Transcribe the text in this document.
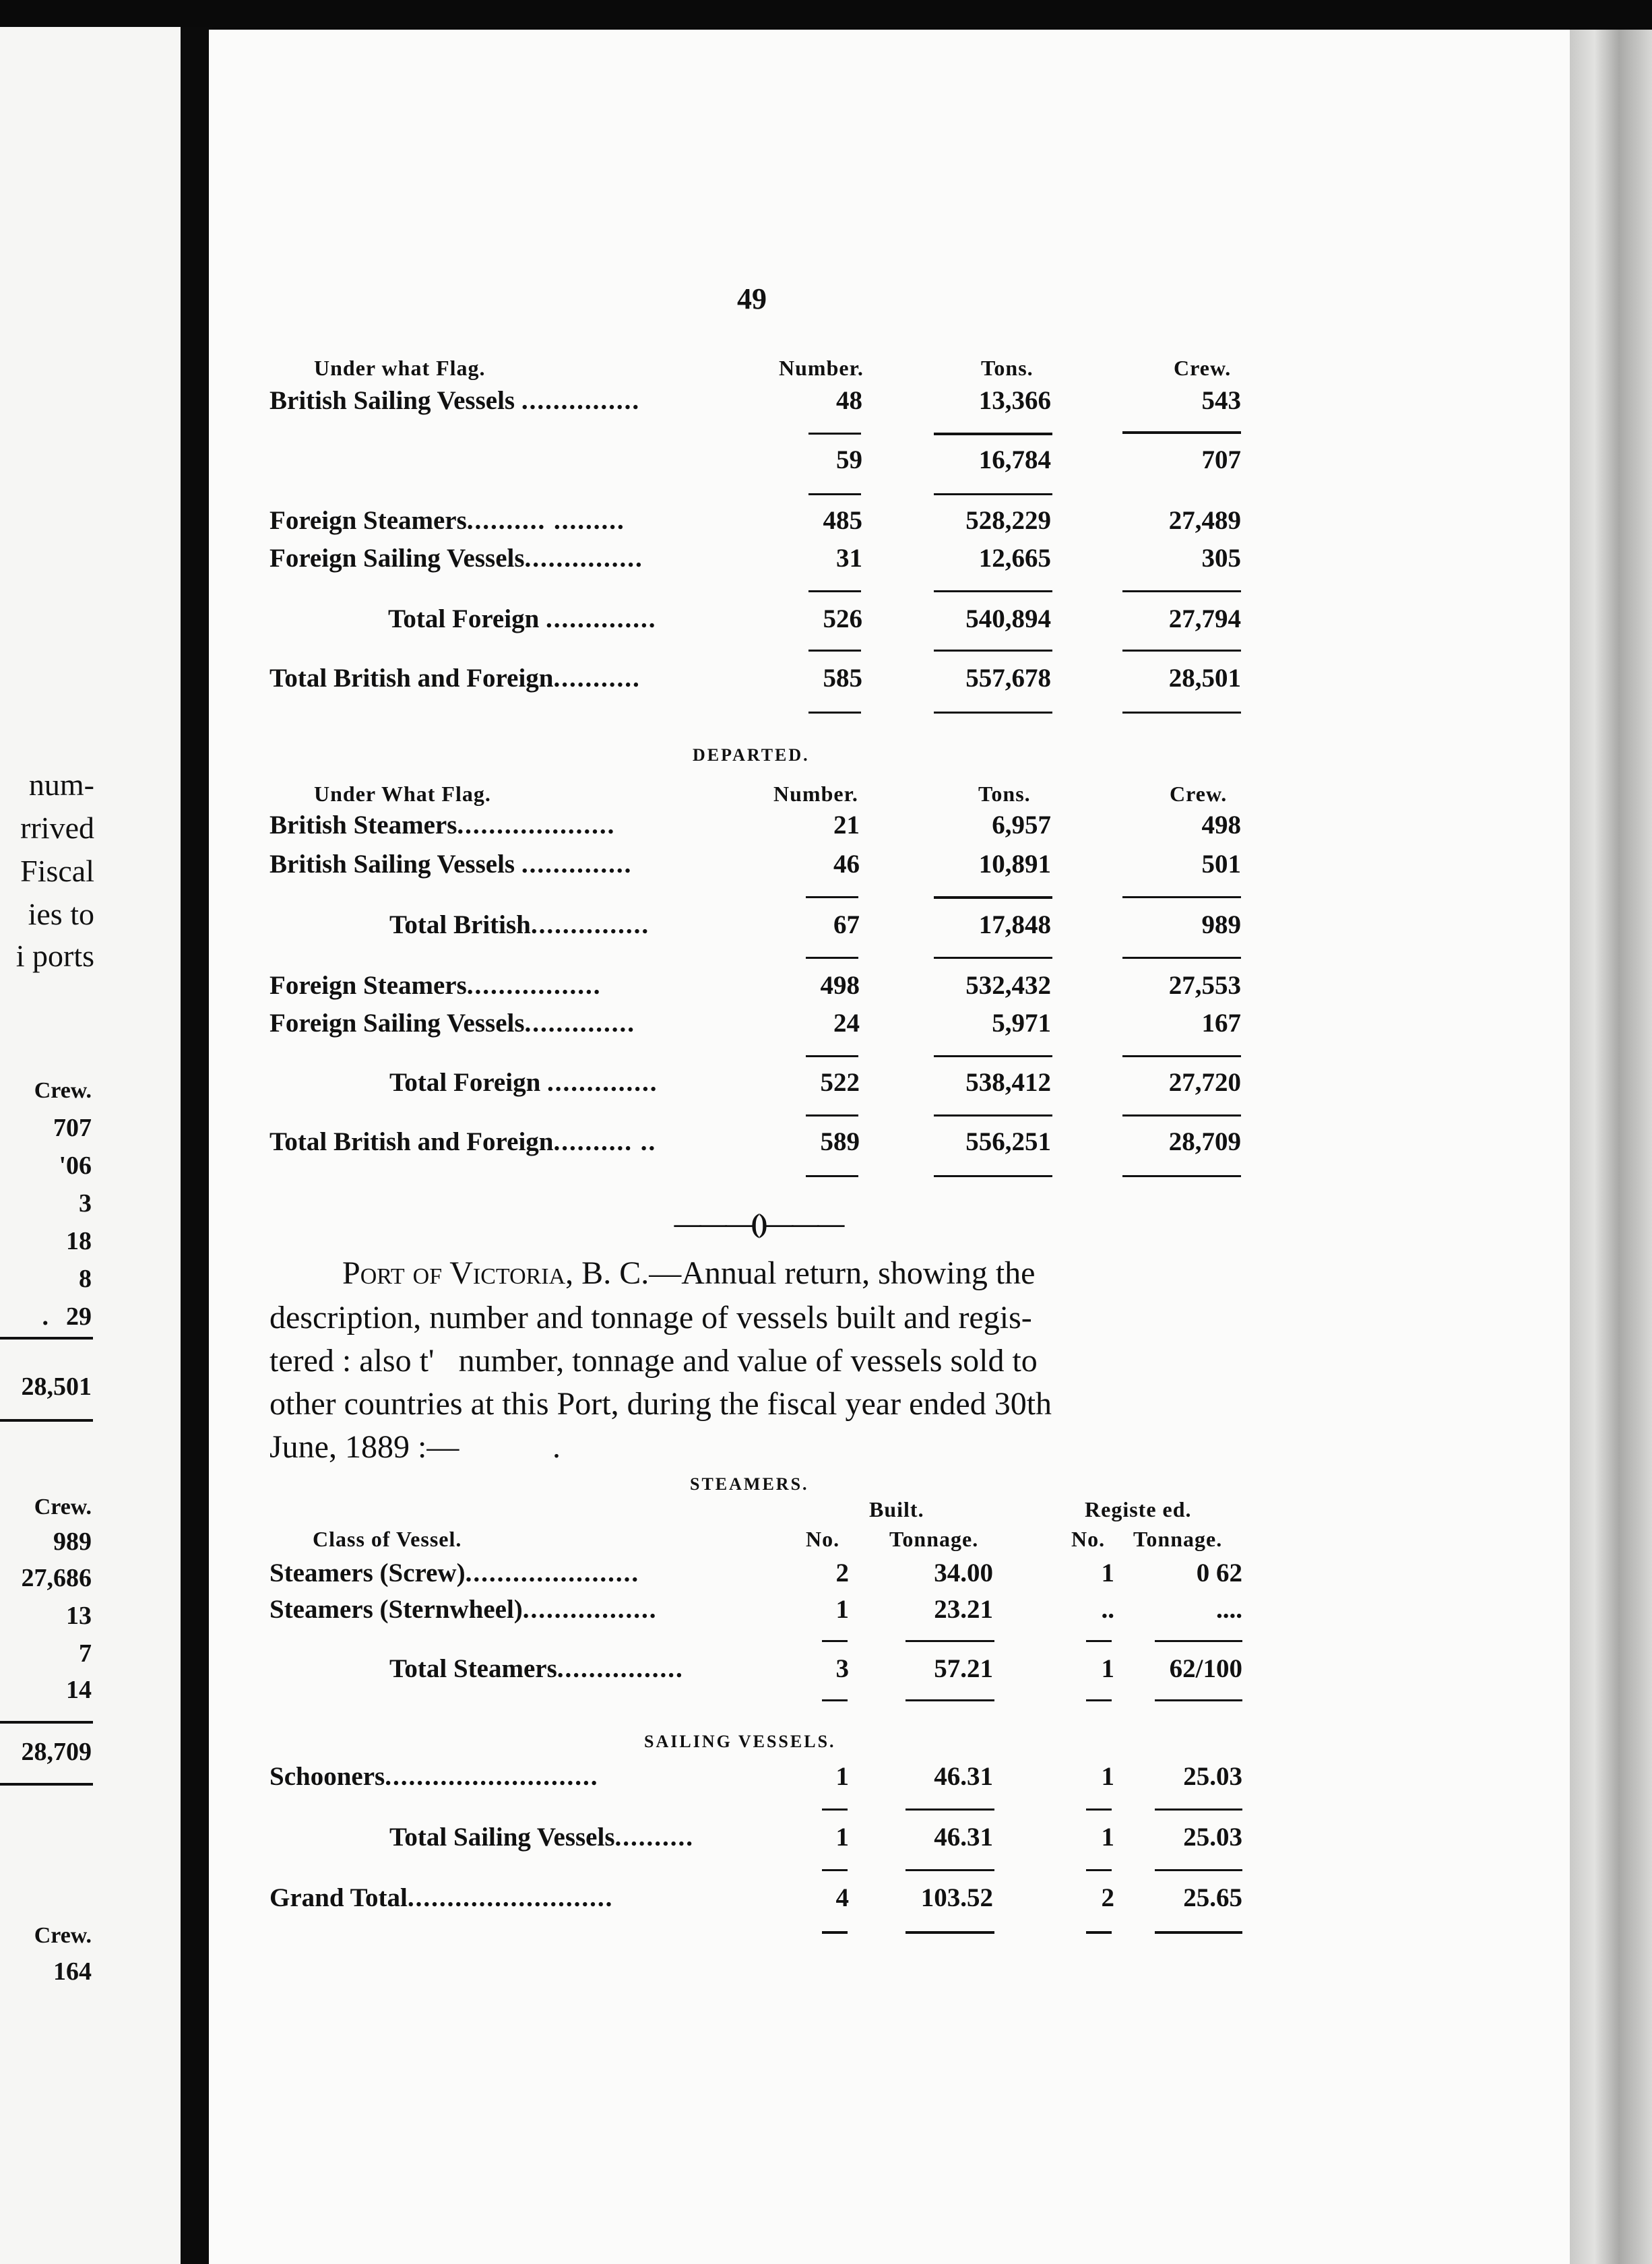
num-
rrived
Fiscal
ies to
i ports
Crew.
707
'06
3
18
8
29
.
28,501
Crew.
989
27,686
13
7
14
28,709
Crew.
164
49
Under what Flag.	Number.	Tons.	Crew.
British Sailing Vessels ...............	48	13,366	543
59	16,784	707
Foreign Steamers.......... .........	485	528,229	27,489
Foreign Sailing Vessels...............	31	12,665	305
Total Foreign ..............	526	540,894	27,794
Total British and Foreign...........	585	557,678	28,501
DEPARTED.
Under What Flag.	Number.	Tons.	Crew.
British Steamers....................	21	6,957	498
British Sailing Vessels ..............	46	10,891	501
Total British...............	67	17,848	989
Foreign Steamers.................	498	532,432	27,553
Foreign Sailing Vessels..............	24	5,971	167
Total Foreign ..............	522	538,412	27,720
Total British and Foreign.......... ..	589	556,251	28,709
———()———
Port of Victoria, B. C.—Annual return, showing the
description, number and tonnage of vessels built and regis-
tered : also t'   number, tonnage and value of vessels sold to
other countries at this Port, during the fiscal year ended 30th
June, 1889 :—	.
STEAMERS.
Built.	Registe ed.
Class of Vessel.	No. Tonnage.	No. Tonnage.
Steamers (Screw)......................	2	34.00	1	0 62
Steamers (Sternwheel).................	1	23.21	..	....
Total Steamers................	3	57.21	1 62/100
SAILING VESSELS.
Schooners...........................	1	46.31	1	25.03
Total Sailing Vessels..........	1	46.31	1	25.03
Grand Total..........................	4	103.52	2	25.65
